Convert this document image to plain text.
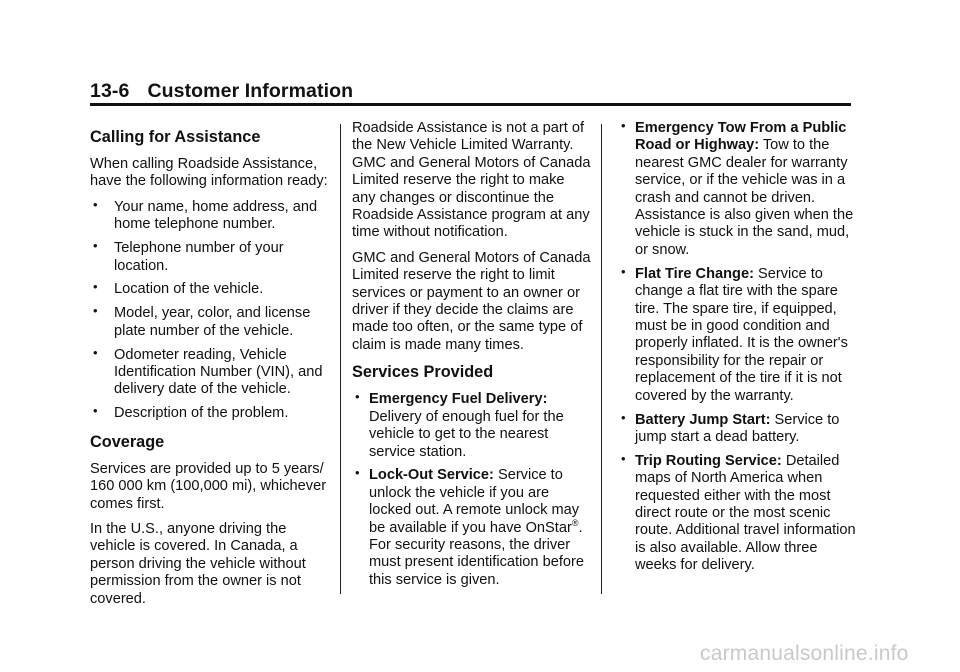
13-6 Customer Information
Calling for Assistance

When calling Roadside Assistance, have the following information ready:

• Your name, home address, and home telephone number.
• Telephone number of your location.
• Location of the vehicle.
• Model, year, color, and license plate number of the vehicle.
• Odometer reading, Vehicle Identification Number (VIN), and delivery date of the vehicle.
• Description of the problem.
Coverage

Services are provided up to 5 years/ 160 000 km (100,000 mi), whichever comes first.

In the U.S., anyone driving the vehicle is covered. In Canada, a person driving the vehicle without permission from the owner is not covered.

Roadside Assistance is not a part of the New Vehicle Limited Warranty. GMC and General Motors of Canada Limited reserve the right to make any changes or discontinue the Roadside Assistance program at any time without notification.

GMC and General Motors of Canada Limited reserve the right to limit services or payment to an owner or driver if they decide the claims are made too often, or the same type of claim is made many times.

Services Provided
• Emergency Fuel Delivery: Delivery of enough fuel for the vehicle to get to the nearest service station.
• Lock-Out Service: Service to unlock the vehicle if you are locked out. A remote unlock may be available if you have OnStar®. For security reasons, the driver must present identification before this service is given.
• Emergency Tow From a Public Road or Highway: Tow to the nearest GMC dealer for warranty service, or if the vehicle was in a crash and cannot be driven. Assistance is also given when the vehicle is stuck in the sand, mud, or snow.
• Flat Tire Change: Service to change a flat tire with the spare tire. The spare tire, if equipped, must be in good condition and properly inflated. It is the owner's responsibility for the repair or replacement of the tire if it is not covered by the warranty.
• Battery Jump Start: Service to jump start a dead battery.
• Trip Routing Service: Detailed maps of North America when requested either with the most direct route or the most scenic route. Additional travel information is also available. Allow three weeks for delivery.
carmanualsonline.info
